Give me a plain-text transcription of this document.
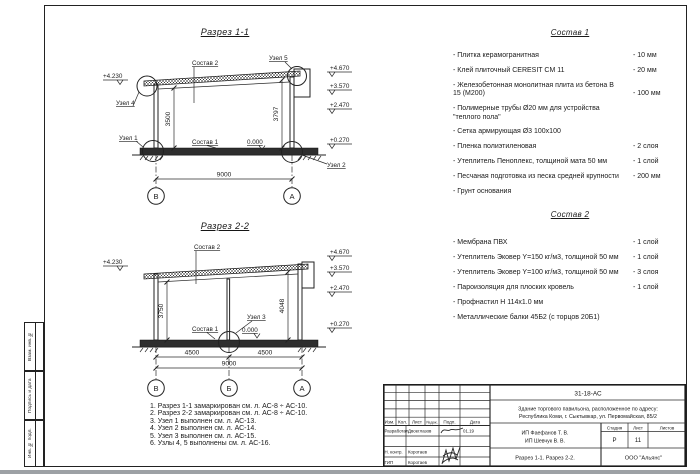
Взам. инв. №
Подпись и дата
Инв. № подл.
Разрез 1-1
Состав 2
Состав 1	0.000
Узел 4
Узел 1
Узел 2
Узел 5
3500	3797
9000
В	А
+4.670
+3.570
+2.470
+0.270
+4.230
Разрез 2-2
Состав 2
Состав 1	0.000
Узел 3
3750	4048
4500	4500
9000
В	Б	А
+4.670
+3.570
+2.470
+0.270
+4.230
Состав 1
- Плитка керамогранитная	- 10 мм
- Клей плиточный CERESIT CM 11	- 20 мм
- Железобетонная монолитная плита из бетона В 15 (М200)	- 100 мм
- Полимерные трубы Ø20 мм для устройства "теплого пола"
- Сетка армирующая Ø3 100x100
- Пленка полиэтиленовая	- 2 слоя
- Утеплитель Пеноплекс, толщиной мата 50 мм	- 1 слой
- Песчаная подготовка из песка средней крупности	- 200 мм
- Грунт основания
Состав 2
- Мембрана ПВХ	- 1 слой
- Утеплитель Эковер Y=150 кг/м3, толщиной 50 мм	- 1 слой
- Утеплитель Эковер Y=100 кг/м3, толщиной 50 мм	- 3 слоя
- Пароизоляция для плоских кровель	- 1 слой
- Профнастил Н 114x1.0 мм
- Металлические балки 45Б2 (с торцов 20Б1)
1. Разрез 1-1 замаркирован см. л. АС-8 ÷ АС-10.
2. Разрез 2-2 замаркирован см. л. АС-8 ÷ АС-10.
3. Узел 1 выполнен см. л. АС-13.
4. Узел 2 выполнен см. л. АС-14.
5. Узел 3 выполнен см. л. АС-15.
6. Узлы 4, 5 выполнены см. л. АС-16.
Изм. Кол. Лист №док. Подп.	Дата
Разработал Двоеглазов	01.19
Н. контр. Коротаев
ГИП	Коротаев
31-18-АС
Здание торгового павильона, расположенное по адресу:
Республика Коми, г. Сыктывкар, ул. Первомайская, 85/2
ИП Фаефанов Т. В.
ИП Шевчук В. В.
Стадия Лист	Листов
Р	11
Разрез 1-1. Разрез 2-2.	ООО "Альянс"
